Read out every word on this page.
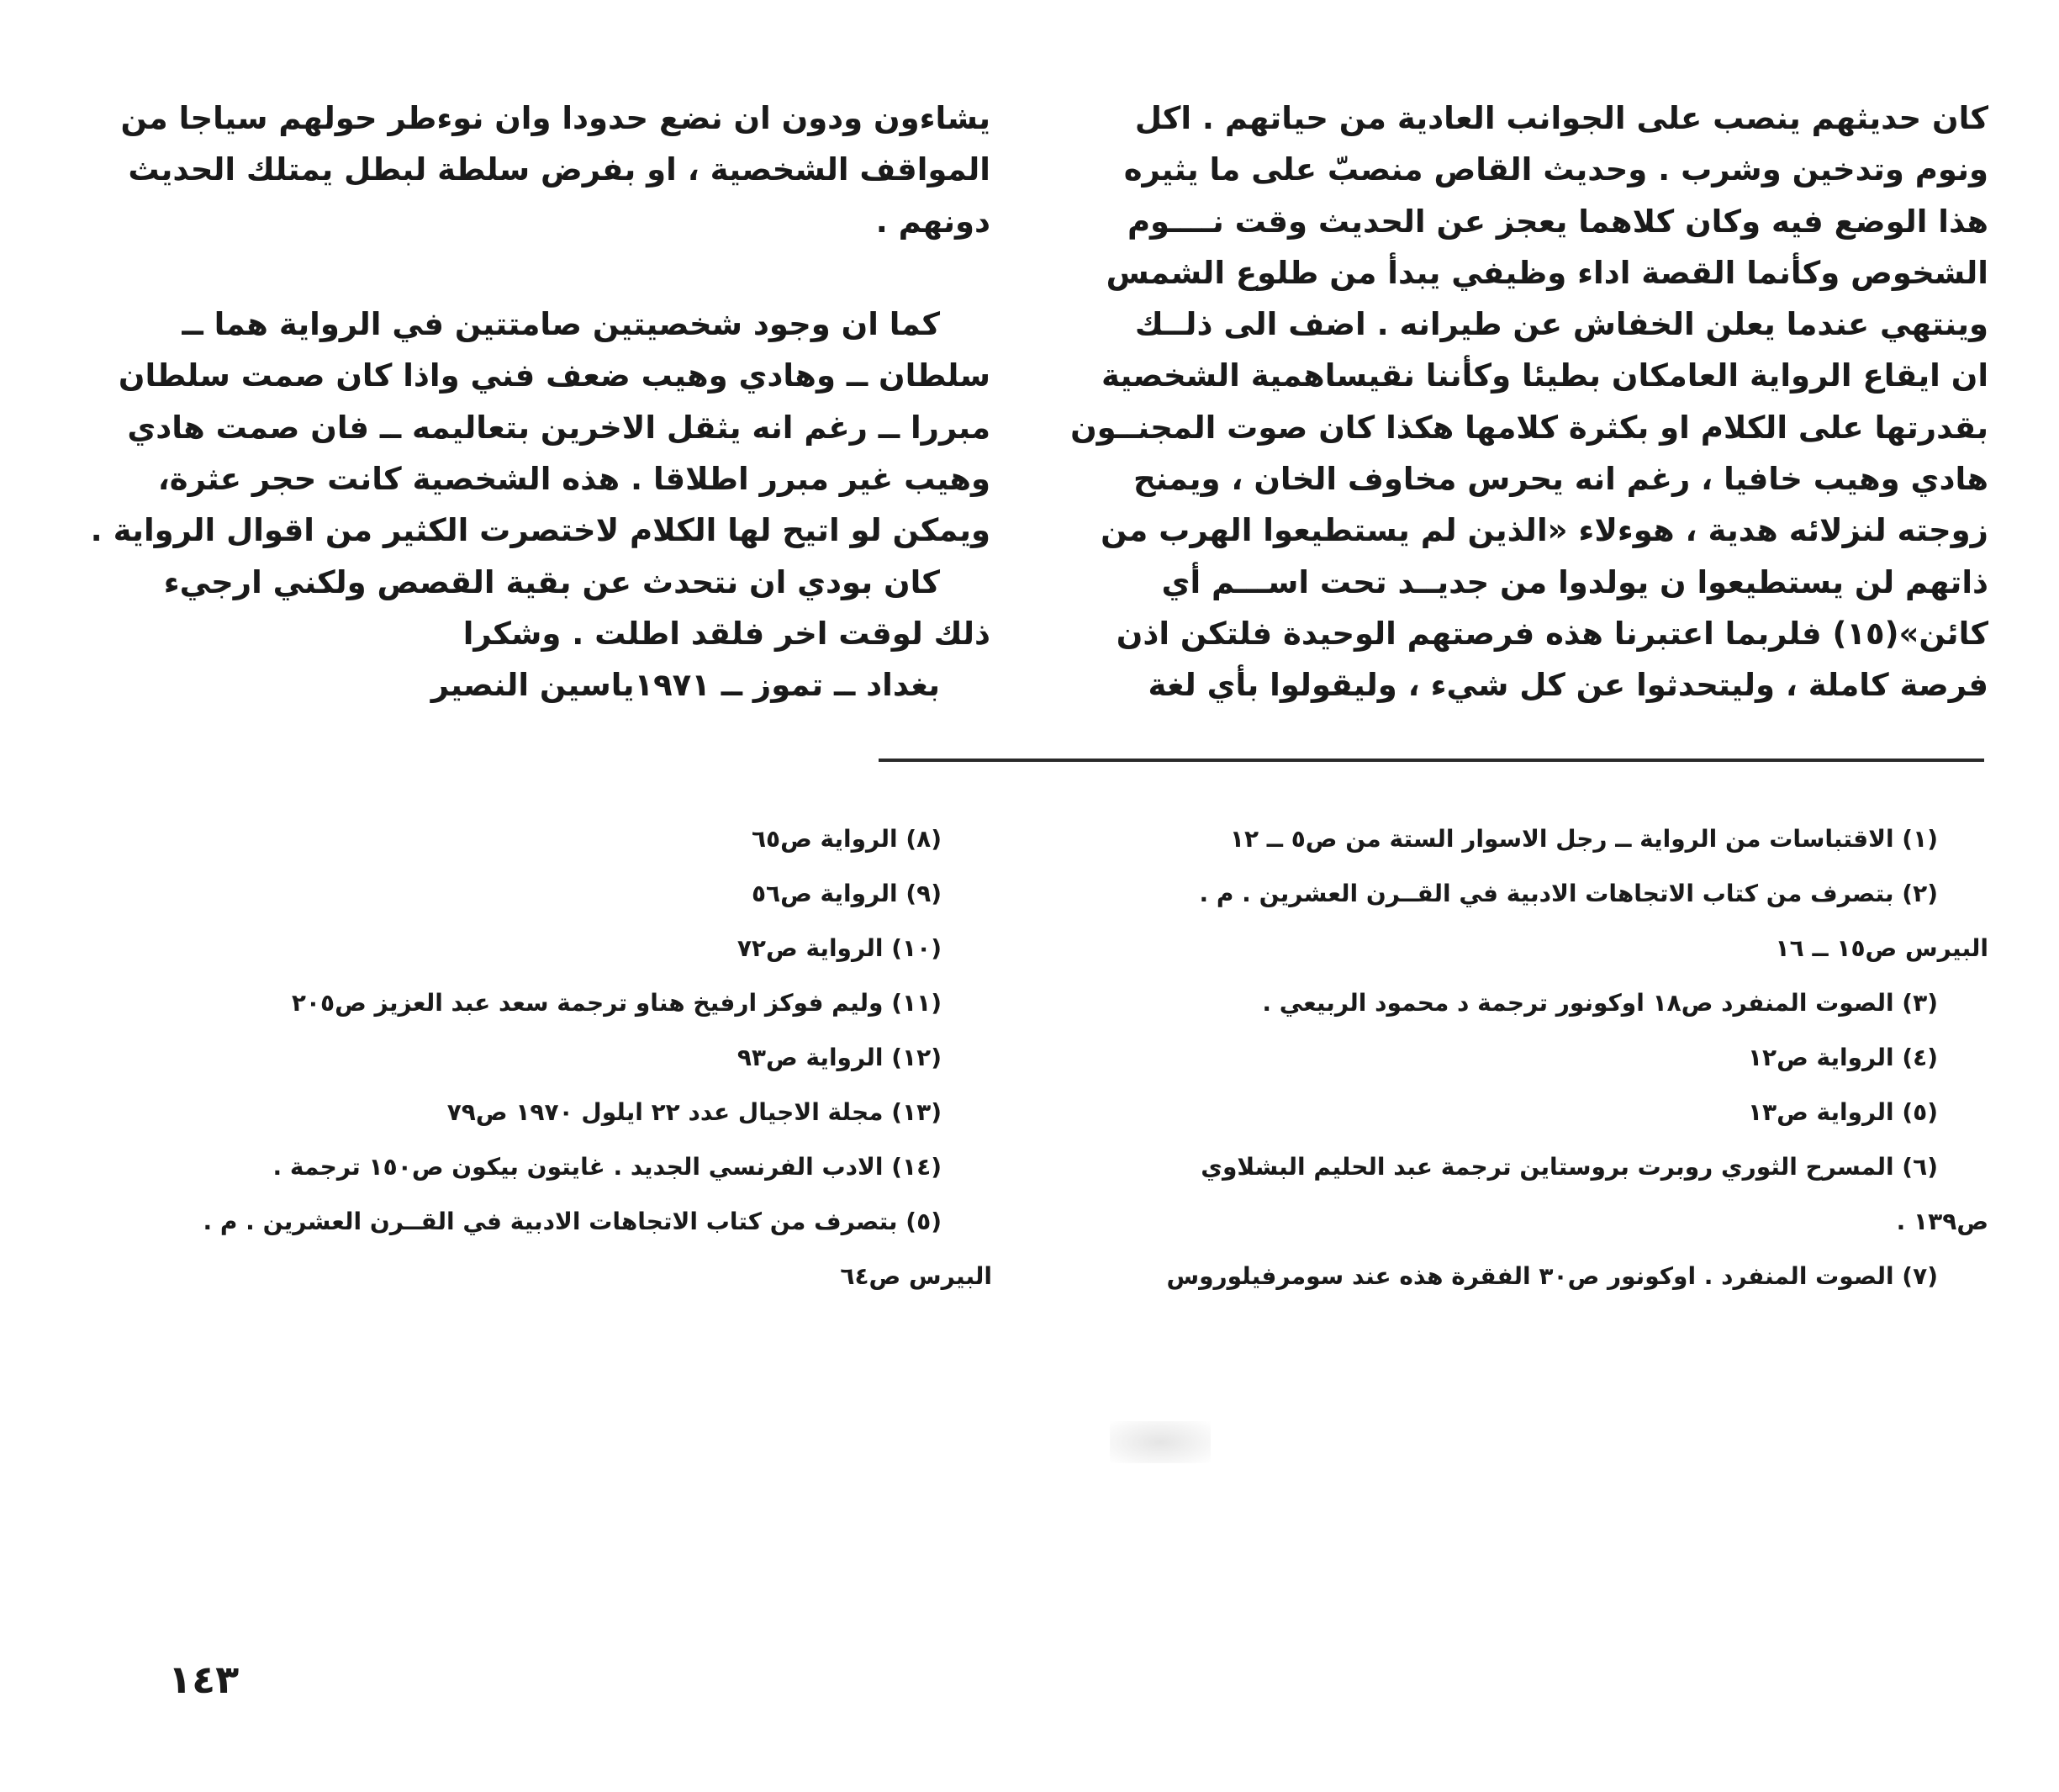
كان حديثهم ينصب على الجوانب العادية من حياتهم . اكل
ونوم وتدخين وشرب . وحديث القاص منصبّ على ما يثيره
هذا الوضع فيه وكان كلاهما يعجز عن الحديث وقت نــــوم
الشخوص وكأنما القصة اداء وظيفي يبدأ من طلوع الشمس
وينتهي عندما يعلن الخفاش عن طيرانه . اضف الى ذلــك
ان ايقاع الرواية العامكان بطيئا وكأننا نقيساهمية الشخصية
بقدرتها على الكلام او بكثرة كلامها هكذا كان صوت المجنــون
هادي وهيب خافيا ، رغم انه يحرس مخاوف الخان ، ويمنح
زوجته لنزلائه هدية ، هوءلاء «الذين لم يستطيعوا الهرب من
ذاتهم لن يستطيعوا ن يولدوا من جديــد تحت اســـم أي
كائن»(١٥) فلربما اعتبرنا هذه فرصتهم الوحيدة فلتكن اذن
فرصة كاملة ، وليتحدثوا عن كل شيء ، وليقولوا بأي لغة
يشاءون ودون ان نضع حدودا وان نوءطر حولهم سياجا من
المواقف الشخصية ، او بفرض سلطة لبطل يمتلك الحديث
دونهم .
كما ان وجود شخصيتين صامتتين في الرواية هما ــ
سلطان ــ وهادي وهيب ضعف فني واذا كان صمت سلطان
مبررا ــ رغم انه يثقل الاخرين بتعاليمه ــ فان صمت هادي
وهيب غير مبرر اطلاقا . هذه الشخصية كانت حجر عثرة،
ويمكن لو اتيح لها الكلام لاختصرت الكثير من اقوال الرواية .
كان بودي ان نتحدث عن بقية القصص ولكني ارجيء
ذلك لوقت اخر فلقد اطلت . وشكرا
بغداد ــ تموز ــ ١٩٧١ياسين النصير
(١) الاقتباسات من الرواية ــ رجل الاسوار الستة من ص٥ ــ ١٢
(٢) بتصرف من كتاب الاتجاهات الادبية في القــرن العشرين . م .
البيرس ص١٥ ــ ١٦
(٣) الصوت المنفرد ص١٨ اوكونور ترجمة د محمود الربيعي .
(٤) الرواية ص١٢
(٥) الرواية ص١٣
(٦) المسرح الثوري روبرت بروستاين ترجمة عبد الحليم البشلاوي
ص١٣٩ .
(٧) الصوت المنفرد . اوكونور ص٣٠ الفقرة هذه عند سومرفيلوروس
(٨) الرواية ص٦٥
(٩) الرواية ص٥٦
(١٠) الرواية ص٧٢
(١١) وليم فوكز ارفيخ هناو ترجمة سعد عبد العزيز ص٢٠٥
(١٢) الرواية ص٩٣
(١٣) مجلة الاجيال عدد ٢٢ ايلول ١٩٧٠ ص٧٩
(١٤) الادب الفرنسي الجديد . غايتون بيكون ص١٥٠ ترجمة .
(٥) بتصرف من كتاب الاتجاهات الادبية في القــرن العشرين . م .
البيرس ص٦٤
١٤٣
